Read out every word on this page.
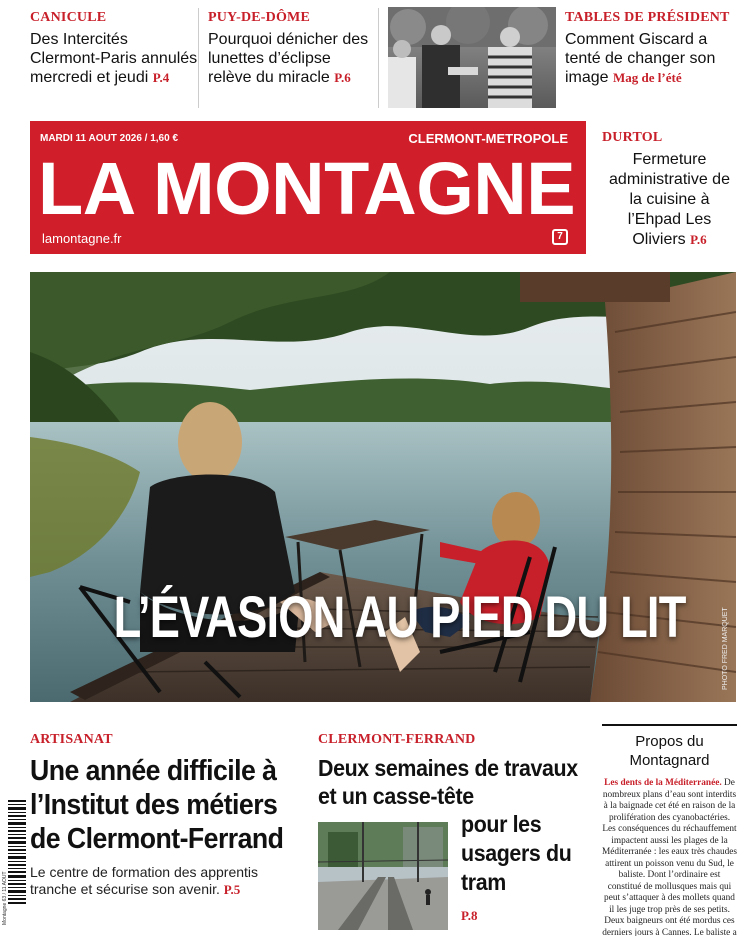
CANICULE
Des Intercités Clermont-Paris annulés mercredi et jeudi P.4
PUY-DE-DÔME
Pourquoi dénicher des lunettes d’éclipse relève du miracle P.6
TABLES DE PRÉSIDENT
Comment Giscard a tenté de changer son image Mag de l’été
MARDI 11 AOUT 2026 / 1,60 €	CLERMONT-METROPOLE
LA MONTAGNE
lamontagne.fr	7
DURTOL
Fermeture administrative de la cuisine à l’Ehpad Les Oliviers P.6
L’ÉVASION AU PIED DU LIT	PHOTO FRED MARQUET
ARTISANAT
Une année difficile à l’Institut des métiers de Clermont-Ferrand

Le centre de formation des apprentis tranche et sécurise son avenir. P.5

CLERMONT-FERRAND
Deux semaines de travaux et un casse-tête
pour les usagers du tram
P.8
Montagne 63 / 11 AOUT
Propos du Montagnard

Les dents de la Méditerranée. De nombreux plans d’eau sont interdits à la baignade cet été en raison de la prolifération des cyanobactéries. Les conséquences du réchauffement impactent aussi les plages de la Méditerranée : les eaux très chaudes attirent un poisson venu du Sud, le baliste. Dont l’ordinaire est constitué de mollusques mais qui peut s’attaquer à des mollets quand il les juge trop près de ses petits. Deux baigneurs ont été mordus ces derniers jours à Cannes. Le baliste a
